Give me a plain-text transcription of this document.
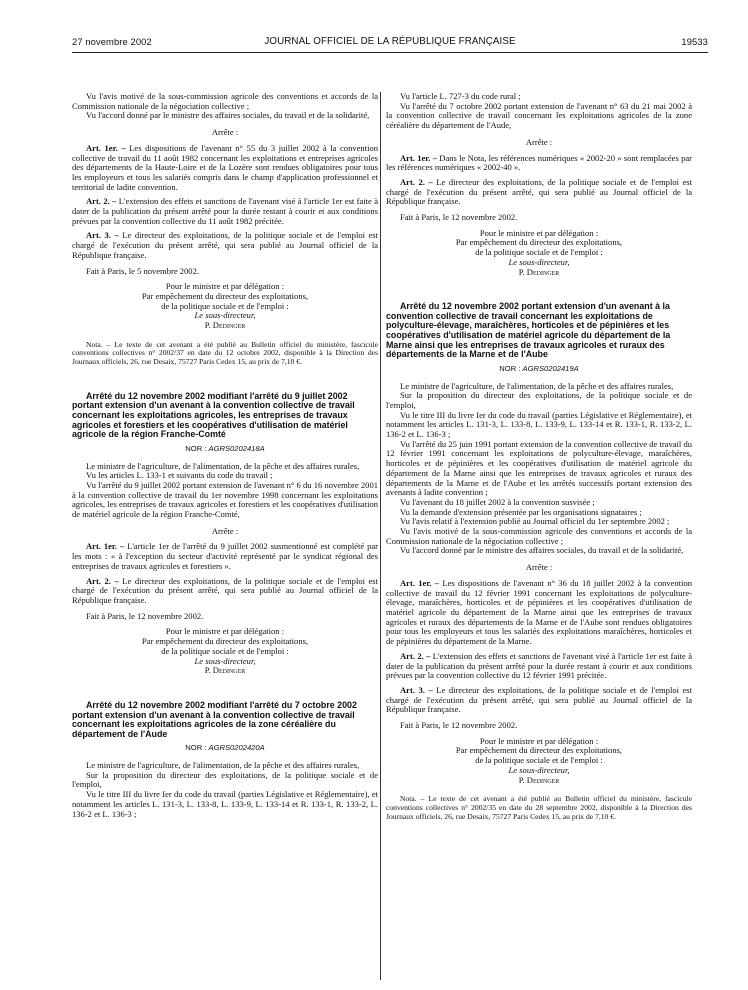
27 novembre 2002	JOURNAL OFFICIEL DE LA RÉPUBLIQUE FRANÇAISE	19533

Vu l'avis motivé de la sous-commission agricole des conventions et accords de la Commission nationale de la négociation collective ;

Vu l'accord donné par le ministre des affaires sociales, du travail et de la solidarité,

Arrête :

Art. 1er. – Les dispositions de l'avenant n° 55 du 3 juillet 2002 à la convention collective de travail du 11 août 1982 concernant les exploitations et entreprises agricoles des départements de la Haute-Loire et de la Lozère sont rendues obligatoires pour tous les employeurs et tous les salariés compris dans le champ d'application professionnel et territorial de ladite convention.

Art. 2. – L'extension des effets et sanctions de l'avenant visé à l'article 1er est faite à dater de la publication du présent arrêté pour la durée restant à courir et aux conditions prévues par la convention collective du 11 août 1982 précitée.

Art. 3. – Le directeur des exploitations, de la politique sociale et de l'emploi est chargé de l'exécution du présent arrêté, qui sera publié au Journal officiel de la République française.

Fait à Paris, le 5 novembre 2002.

Pour le ministre et par délégation :
Par empêchement du directeur des exploitations,
de la politique sociale et de l'emploi :
Le sous-directeur,
P. Dedinger

Nota. – Le texte de cet avenant a été publié au Bulletin officiel du ministère, fascicule conventions collectives n° 2002/37 en date du 12 octobre 2002, disponible à la Direction des Journaux officiels, 26, rue Desaix, 75727 Paris Cedex 15, au prix de 7,10 €.

Arrêté du 12 novembre 2002 modifiant l'arrêté du 9 juillet 2002 portant extension d'un avenant à la convention collective de travail concernant les exploitations agricoles, les entreprises de travaux agricoles et forestiers et les coopératives d'utilisation de matériel agricole de la région Franche-Comté

NOR : AGRS0202418A

Le ministre de l'agriculture, de l'alimentation, de la pêche et des affaires rurales,

Vu les articles L. 133-1 et suivants du code du travail ;

Vu l'arrêté du 9 juillet 2002 portant extension de l'avenant n° 6 du 16 novembre 2001 à la convention collective de travail du 1er novembre 1998 concernant les exploitations agricoles, les entreprises de travaux agricoles et forestiers et les coopératives d'utilisation de matériel agricole de la région Franche-Comté,

Arrête :

Art. 1er. – L'article 1er de l'arrêté du 9 juillet 2002 susmentionné est complété par les mots : « à l'exception du secteur d'activité représenté par le syndicat régional des entreprises de travaux agricoles et forestiers ».

Art. 2. – Le directeur des exploitations, de la politique sociale et de l'emploi est chargé de l'exécution du présent arrêté, qui sera publié au Journal officiel de la République française.

Fait à Paris, le 12 novembre 2002.

Pour le ministre et par délégation :
Par empêchement du directeur des exploitations,
de la politique sociale et de l'emploi :
Le sous-directeur,
P. Dedinger

Arrêté du 12 novembre 2002 modifiant l'arrêté du 7 octobre 2002 portant extension d'un avenant à la convention collective de travail concernant les exploitations agricoles de la zone céréalière du département de l'Aude

NOR : AGRS0202420A

Le ministre de l'agriculture, de l'alimentation, de la pêche et des affaires rurales,

Sur la proposition du directeur des exploitations, de la politique sociale et de l'emploi,

Vu le titre III du livre Ier du code du travail (parties Législative et Réglementaire), et notamment les articles L. 131-3, L. 133-8, L. 133-9, L. 133-14 et R. 133-1, R. 133-2, L. 136-2 et L. 136-3 ;

Vu l'article L. 727-3 du code rural ;

Vu l'arrêté du 7 octobre 2002 portant extension de l'avenant n° 63 du 21 mai 2002 à la convention collective de travail concernant les exploitations agricoles de la zone céréalière du département de l'Aude,

Arrête :

Art. 1er. – Dans le Nota, les références numériques « 2002-20 » sont remplacées par les références numériques « 2002-40 ».

Art. 2. – Le directeur des exploitations, de la politique sociale et de l'emploi est chargé de l'exécution du présent arrêté, qui sera publié au Journal officiel de la République française.

Fait à Paris, le 12 novembre 2002.

Pour le ministre et par délégation :
Par empêchement du directeur des exploitations,
de la politique sociale et de l'emploi :
Le sous-directeur,
P. Dedinger

Arrêté du 12 novembre 2002 portant extension d'un avenant à la convention collective de travail concernant les exploitations de polyculture-élevage, maraîchères, horticoles et de pépinières et les coopératives d'utilisation de matériel agricole du département de la Marne ainsi que les entreprises de travaux agricoles et ruraux des départements de la Marne et de l'Aube

NOR : AGRS0202419A

Le ministre de l'agriculture, de l'alimentation, de la pêche et des affaires rurales,

Sur la proposition du directeur des exploitations, de la politique sociale et de l'emploi,

Vu le titre III du livre Ier du code du travail (parties Législative et Réglementaire), et notamment les articles L. 131-3, L. 133-8, L. 133-9, L. 133-14 et R. 133-1, R. 133-2, L. 136-2 et L. 136-3 ;

Vu l'arrêté du 25 juin 1991 portant extension de la convention collective de travail du 12 février 1991 concernant les exploitations de polyculture-élevage, maraîchères, horticoles et de pépinières et les coopératives d'utilisation de matériel agricole du département de la Marne ainsi que les entreprises de travaux agricoles et ruraux des départements de la Marne et de l'Aube et les arrêtés successifs portant extension des avenants à ladite convention ;

Vu l'avenant du 18 juillet 2002 à la convention susvisée ;

Vu la demande d'extension présentée par les organisations signataires ;

Vu l'avis relatif à l'extension publié au Journal officiel du 1er septembre 2002 ;

Vu l'avis motivé de la sous-commission agricole des conventions et accords de la Commission nationale de la négociation collective ;

Vu l'accord donné par le ministre des affaires sociales, du travail et de la solidarité,

Arrête :

Art. 1er. – Les dispositions de l'avenant n° 36 du 18 juillet 2002 à la convention collective de travail du 12 février 1991 concernant les exploitations de polyculture-élevage, maraîchères, horticoles et de pépinières et les coopératives d'utilisation de matériel agricole du département de la Marne ainsi que les entreprises de travaux agricoles et ruraux des départements de la Marne et de l'Aube sont rendues obligatoires pour tous les employeurs et tous les salariés des exploitations maraîchères, horticoles et de pépinières du département de la Marne.

Art. 2. – L'extension des effets et sanctions de l'avenant visé à l'article 1er est faite à dater de la publication du présent arrêté pour la durée restant à courir et aux conditions prévues par la convention collective du 12 février 1991 précitée.

Art. 3. – Le directeur des exploitations, de la politique sociale et de l'emploi est chargé de l'exécution du présent arrêté, qui sera publié au Journal officiel de la République française.

Fait à Paris, le 12 novembre 2002.

Pour le ministre et par délégation :
Par empêchement du directeur des exploitations,
de la politique sociale et de l'emploi :
Le sous-directeur,
P. Dedinger

Nota. – Le texte de cet avenant a été publié au Bulletin officiel du ministère, fascicule conventions collectives n° 2002/35 en date du 28 septembre 2002, disponible à la Direction des Journaux officiels, 26, rue Desaix, 75727 Paris Cedex 15, au prix de 7,10 €.
